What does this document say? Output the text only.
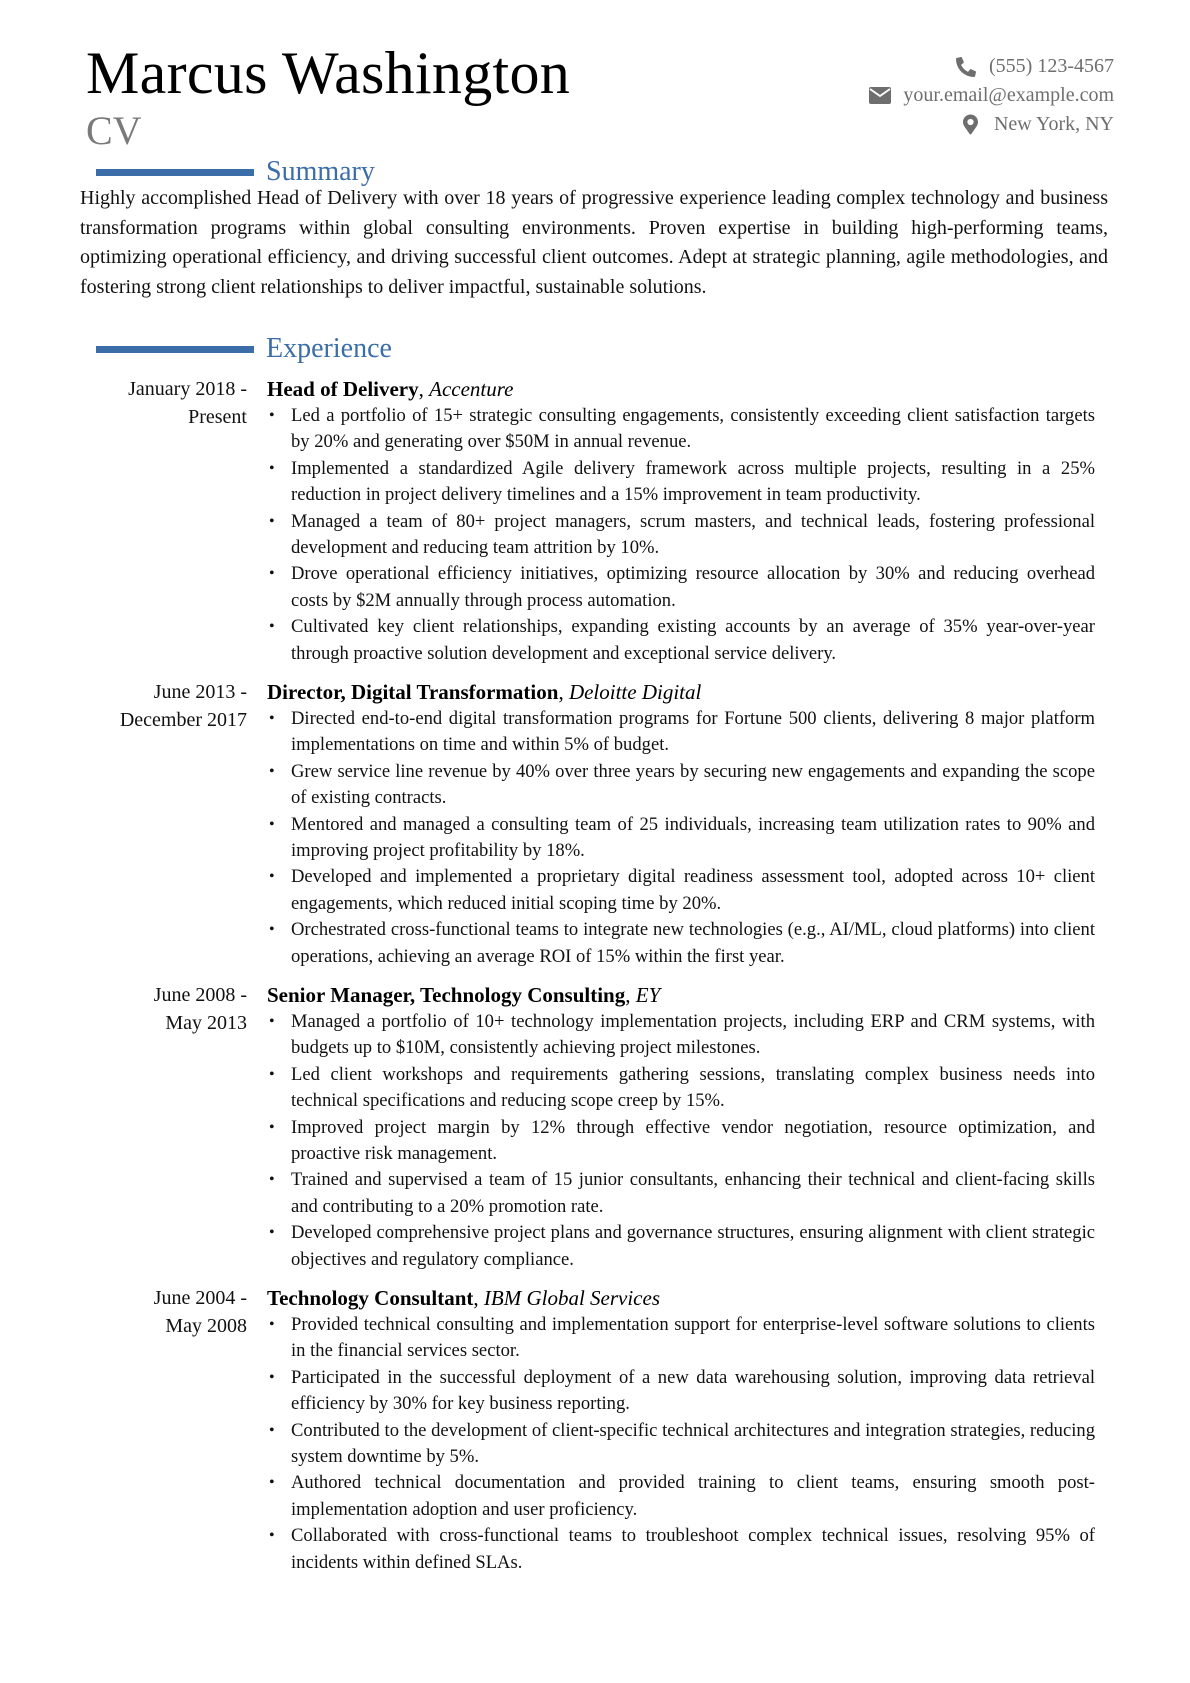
Marcus Washington
CV
(555) 123-4567
your.email@example.com
New York, NY
Summary
Highly accomplished Head of Delivery with over 18 years of progressive experience leading complex technology and business transformation programs within global consulting environments. Proven expertise in building high-performing teams, optimizing operational efficiency, and driving successful client outcomes. Adept at strategic planning, agile methodologies, and fostering strong client relationships to deliver impactful, sustainable solutions.
Experience
January 2018 -
Present
Head of Delivery, Accenture
• Led a portfolio of 15+ strategic consulting engagements, consistently exceeding client satisfaction targets by 20% and generating over $50M in annual revenue.
• Implemented a standardized Agile delivery framework across multiple projects, resulting in a 25% reduction in project delivery timelines and a 15% improvement in team productivity.
• Managed a team of 80+ project managers, scrum masters, and technical leads, fostering professional development and reducing team attrition by 10%.
• Drove operational efficiency initiatives, optimizing resource allocation by 30% and reducing overhead costs by $2M annually through process automation.
• Cultivated key client relationships, expanding existing accounts by an average of 35% year-over-year through proactive solution development and exceptional service delivery.
June 2013 -
December 2017
Director, Digital Transformation, Deloitte Digital
• Directed end-to-end digital transformation programs for Fortune 500 clients, delivering 8 major platform implementations on time and within 5% of budget.
• Grew service line revenue by 40% over three years by securing new engagements and expanding the scope of existing contracts.
• Mentored and managed a consulting team of 25 individuals, increasing team utilization rates to 90% and improving project profitability by 18%.
• Developed and implemented a proprietary digital readiness assessment tool, adopted across 10+ client engagements, which reduced initial scoping time by 20%.
• Orchestrated cross-functional teams to integrate new technologies (e.g., AI/ML, cloud platforms) into client operations, achieving an average ROI of 15% within the first year.
June 2008 -
May 2013
Senior Manager, Technology Consulting, EY
• Managed a portfolio of 10+ technology implementation projects, including ERP and CRM systems, with budgets up to $10M, consistently achieving project milestones.
• Led client workshops and requirements gathering sessions, translating complex business needs into technical specifications and reducing scope creep by 15%.
• Improved project margin by 12% through effective vendor negotiation, resource optimization, and proactive risk management.
• Trained and supervised a team of 15 junior consultants, enhancing their technical and client-facing skills and contributing to a 20% promotion rate.
• Developed comprehensive project plans and governance structures, ensuring alignment with client strategic objectives and regulatory compliance.
June 2004 -
May 2008
Technology Consultant, IBM Global Services
• Provided technical consulting and implementation support for enterprise-level software solutions to clients in the financial services sector.
• Participated in the successful deployment of a new data warehousing solution, improving data retrieval efficiency by 30% for key business reporting.
• Contributed to the development of client-specific technical architectures and integration strategies, reducing system downtime by 5%.
• Authored technical documentation and provided training to client teams, ensuring smooth post-implementation adoption and user proficiency.
• Collaborated with cross-functional teams to troubleshoot complex technical issues, resolving 95% of incidents within defined SLAs.
